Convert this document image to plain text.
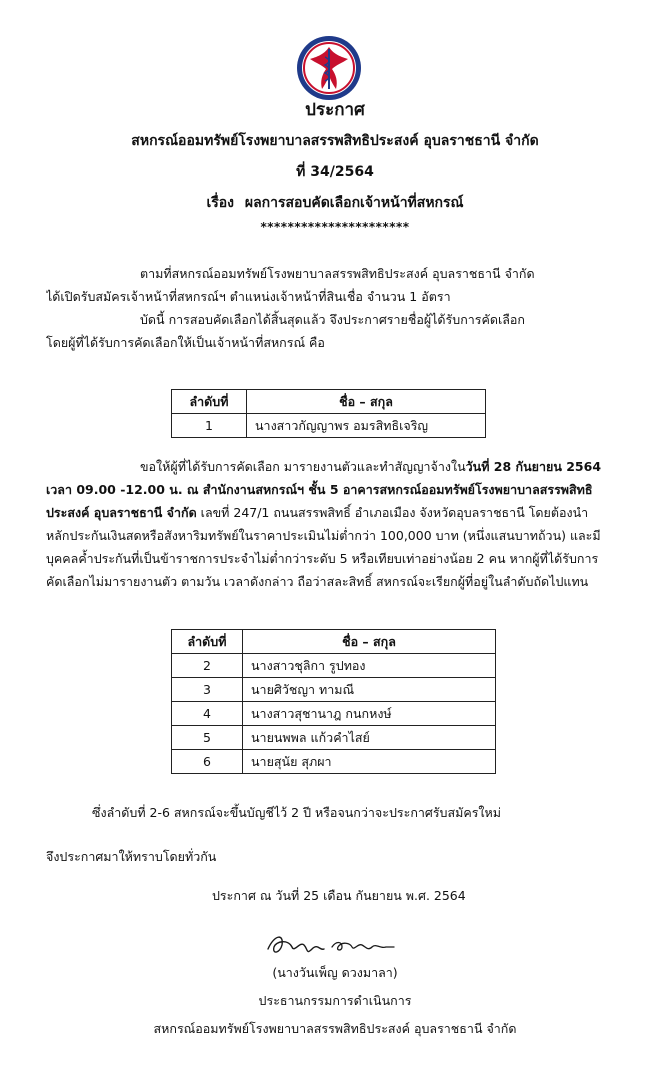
ประกาศ
สหกรณ์ออมทรัพย์โรงพยาบาลสรรพสิทธิประสงค์ อุบลราชธานี จำกัด
ที่ 34/2564
เรื่อง ผลการสอบคัดเลือกเจ้าหน้าที่สหกรณ์
**********************
ตามที่สหกรณ์ออมทรัพย์โรงพยาบาลสรรพสิทธิประสงค์ อุบลราชธานี จำกัด
ได้เปิดรับสมัครเจ้าหน้าที่สหกรณ์ฯ ตำแหน่งเจ้าหน้าที่สินเชื่อ จำนวน 1 อัตรา
บัดนี้ การสอบคัดเลือกได้สิ้นสุดแล้ว จึงประกาศรายชื่อผู้ได้รับการคัดเลือก
โดยผู้ที่ได้รับการคัดเลือกให้เป็นเจ้าหน้าที่สหกรณ์ คือ
ลำดับที่	ชื่อ – สกุล
1	นางสาวกัญญาพร อมรสิทธิเจริญ
ขอให้ผู้ที่ได้รับการคัดเลือก มารายงานตัวและทำสัญญาจ้างในวันที่ 28 กันยายน 2564
เวลา 09.00 -12.00 น. ณ สำนักงานสหกรณ์ฯ ชั้น 5 อาคารสหกรณ์ออมทรัพย์โรงพยาบาลสรรพสิทธิ
ประสงค์ อุบลราชธานี จำกัด เลขที่ 247/1 ถนนสรรพสิทธิ์ อำเภอเมือง จังหวัดอุบลราชธานี โดยต้องนำ
หลักประกันเงินสดหรือสังหาริมทรัพย์ในราคาประเมินไม่ต่ำกว่า 100,000 บาท (หนึ่งแสนบาทถ้วน) และมี
บุคคลค้ำประกันที่เป็นข้าราชการประจำไม่ต่ำกว่าระดับ 5 หรือเทียบเท่าอย่างน้อย 2 คน หากผู้ที่ได้รับการ
คัดเลือกไม่มารายงานตัว ตามวัน เวลาดังกล่าว ถือว่าสละสิทธิ์ สหกรณ์จะเรียกผู้ที่อยู่ในลำดับถัดไปแทน
ลำดับที่	ชื่อ – สกุล
2	นางสาวชุลิกา รูปทอง
3	นายศิวัชญา ทามณี
4	นางสาวสุชานาฎ กนกหงษ์
5	นายนพพล แก้วคำไสย์
6	นายสุนัย สุภผา
ซึ่งลำดับที่ 2-6 สหกรณ์จะขึ้นบัญชีไว้ 2 ปี หรือจนกว่าจะประกาศรับสมัครใหม่
จึงประกาศมาให้ทราบโดยทั่วกัน
ประกาศ ณ วันที่ 25 เดือน กันยายน พ.ศ. 2564
(นางวันเพ็ญ ดวงมาลา)
ประธานกรรมการดำเนินการ
สหกรณ์ออมทรัพย์โรงพยาบาลสรรพสิทธิประสงค์ อุบลราชธานี จำกัด
